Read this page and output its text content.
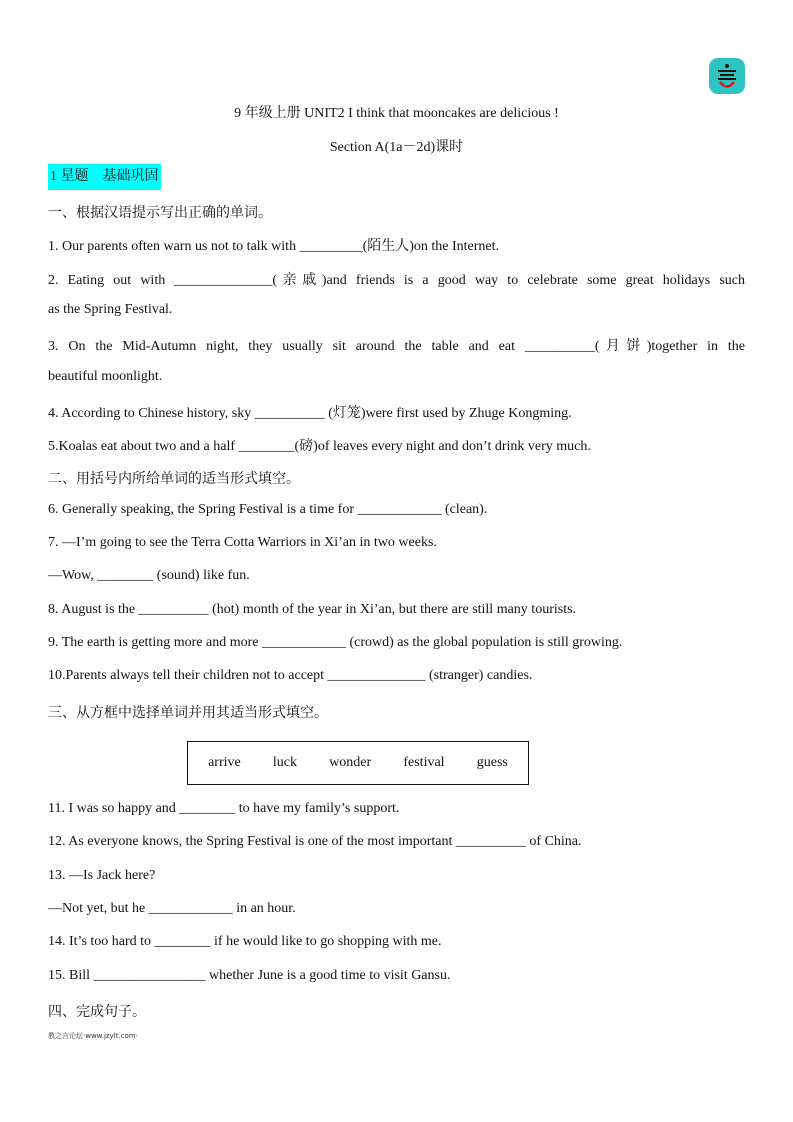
9 年级上册 UNIT2 I think that mooncakes are delicious !
Section A(1a－2d)课时
1 星题　基础巩固
一、根据汉语提示写出正确的单词。
1. Our parents often warn us not to talk with _________(陌生人)on the Internet.
2. Eating out with ______________(亲戚)and friends is a good way to celebrate some great holidays such
as the Spring Festival.
3. On the Mid-Autumn night, they usually sit around the table and eat __________(月饼)together in the
beautiful moonlight.
4. According to Chinese history, sky __________ (灯笼)were first used by Zhuge Kongming.
5.Koalas eat about two and a half ________(磅)of leaves every night and don’t drink very much.
二、用括号内所给单词的适当形式填空。
6. Generally speaking, the Spring Festival is a time for ____________ (clean).
7. —I’m going to see the Terra Cotta Warriors in Xi’an in two weeks.
—Wow, ________ (sound) like fun.
8. August is the __________ (hot) month of the year in Xi’an, but there are still many tourists.
9. The earth is getting more and more ____________ (crowd) as the global population is still growing.
10.Parents always tell their children not to accept ______________ (stranger) candies.
三、从方框中选择单词并用其适当形式填空。
arrive luck wonder festival guess
11. I was so happy and ________ to have my family’s support.
12. As everyone knows, the Spring Festival is one of the most important __________ of China.
13. —Is Jack here?
—Not yet, but he ____________ in an hour.
14. It’s too hard to ________ if he would like to go shopping with me.
15. Bill ________________ whether June is a good time to visit Gansu.
四、完成句子。
教之言论坛·www.jzylt.com·
